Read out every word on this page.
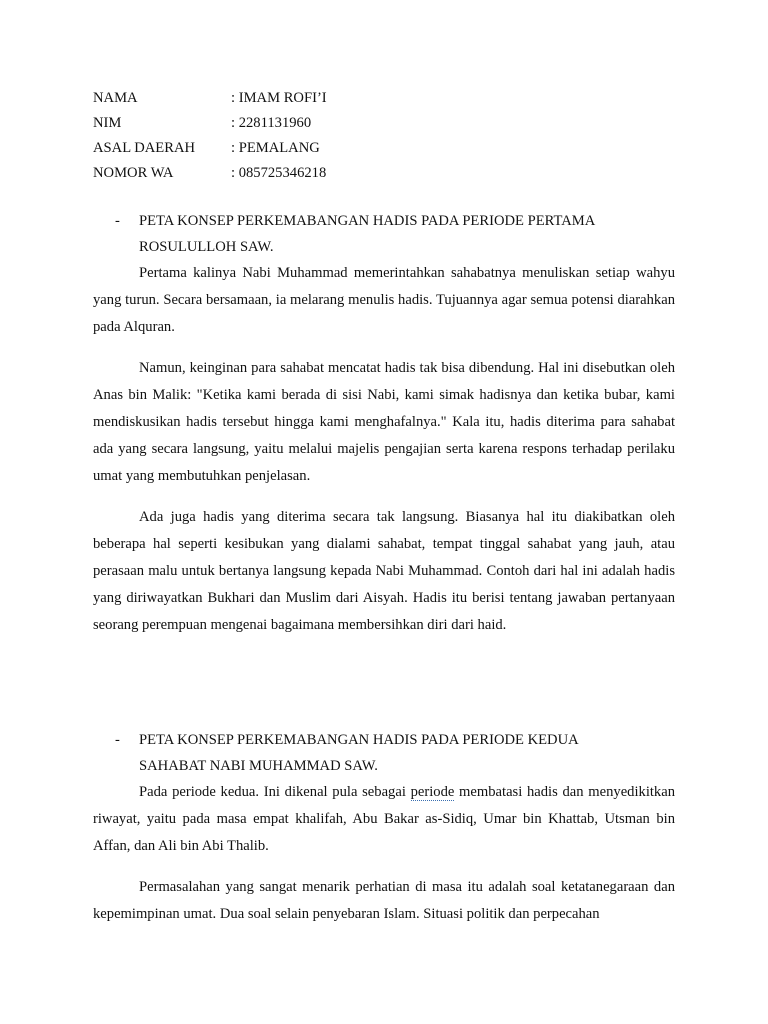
NAMA	: IMAM ROFI’I
NIM	: 2281131960
ASAL DAERAH	: PEMALANG
NOMOR WA	: 085725346218
- PETA KONSEP PERKEMABANGAN HADIS PADA PERIODE PERTAMA
ROSULULLOH SAW.

Pertama kalinya Nabi Muhammad memerintahkan sahabatnya menuliskan setiap wahyu yang turun. Secara bersamaan, ia melarang menulis hadis. Tujuannya agar semua potensi diarahkan pada Alquran.

Namun, keinginan para sahabat mencatat hadis tak bisa dibendung. Hal ini disebutkan oleh Anas bin Malik: "Ketika kami berada di sisi Nabi, kami simak hadisnya dan ketika bubar, kami mendiskusikan hadis tersebut hingga kami menghafalnya." Kala itu, hadis diterima para sahabat ada yang secara langsung, yaitu melalui majelis pengajian serta karena respons terhadap perilaku umat yang membutuhkan penjelasan.

Ada juga hadis yang diterima secara tak langsung. Biasanya hal itu diakibatkan oleh beberapa hal seperti kesibukan yang dialami sahabat, tempat tinggal sahabat yang jauh, atau perasaan malu untuk bertanya langsung kepada Nabi Muhammad. Contoh dari hal ini adalah hadis yang diriwayatkan Bukhari dan Muslim dari Aisyah. Hadis itu berisi tentang jawaban pertanyaan seorang perempuan mengenai bagaimana membersihkan diri dari haid.

- PETA KONSEP PERKEMABANGAN HADIS PADA PERIODE KEDUA
SAHABAT NABI MUHAMMAD SAW.

Pada periode kedua. Ini dikenal pula sebagai periode membatasi hadis dan menyedikitkan riwayat, yaitu pada masa empat khalifah, Abu Bakar as-Sidiq, Umar bin Khattab, Utsman bin Affan, dan Ali bin Abi Thalib.

Permasalahan yang sangat menarik perhatian di masa itu adalah soal ketatanegaraan dan kepemimpinan umat. Dua soal selain penyebaran Islam. Situasi politik dan perpecahan
